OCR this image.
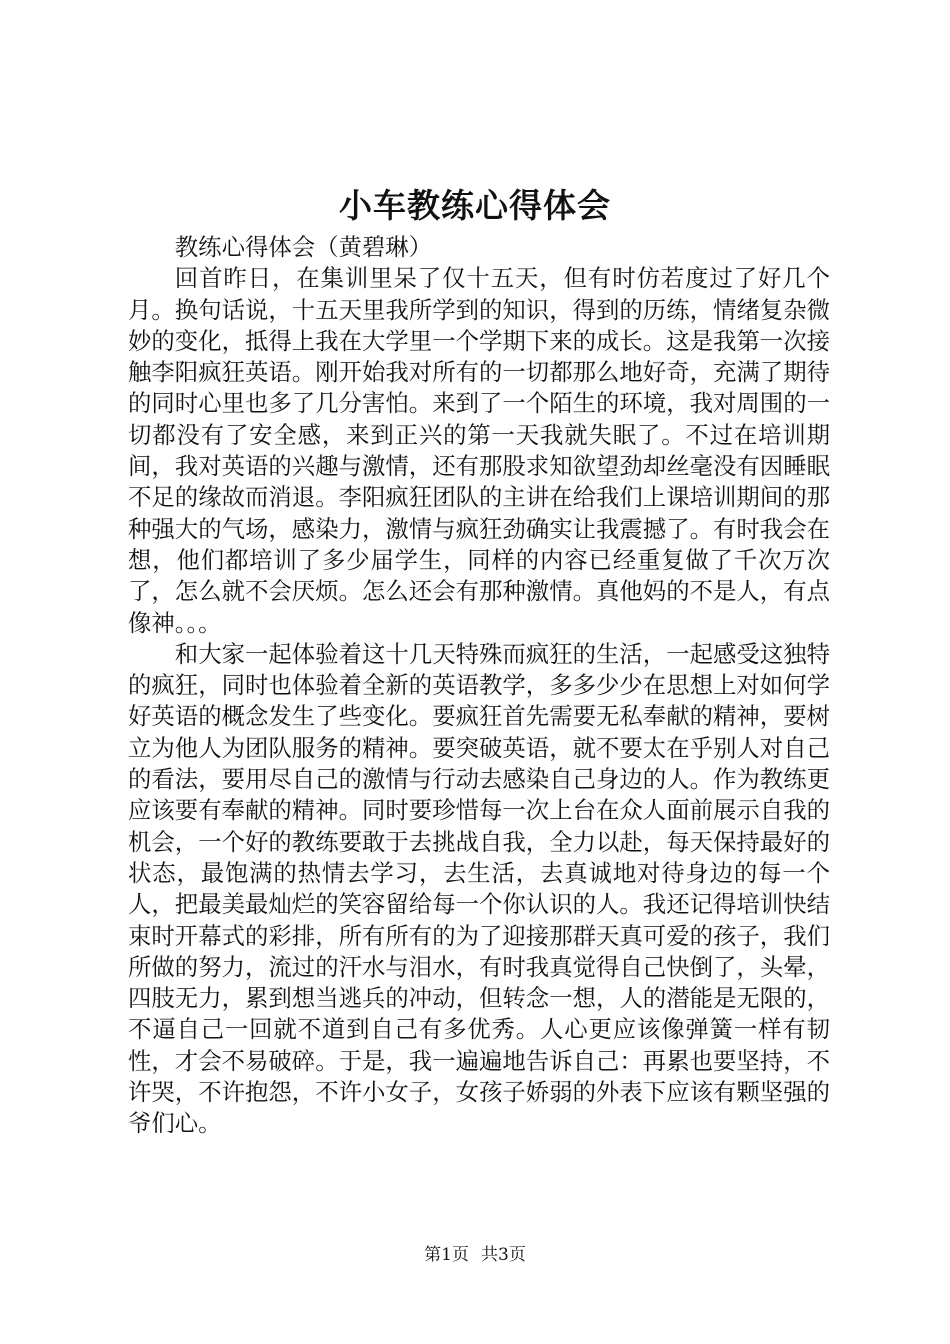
小车教练心得体会

教练心得体会（黄碧琳）

回首昨日，在集训里呆了仅十五天，但有时仿若度过了好几个月。换句话说，十五天里我所学到的知识，得到的历练，情绪复杂微妙的变化，抵得上我在大学里一个学期下来的成长。这是我第一次接触李阳疯狂英语。刚开始我对所有的一切都那么地好奇，充满了期待的同时心里也多了几分害怕。来到了一个陌生的环境，我对周围的一切都没有了安全感，来到正兴的第一天我就失眠了。不过在培训期间，我对英语的兴趣与激情，还有那股求知欲望劲却丝毫没有因睡眠不足的缘故而消退。李阳疯狂团队的主讲在给我们上课培训期间的那种强大的气场，感染力，激情与疯狂劲确实让我震撼了。有时我会在想，他们都培训了多少届学生，同样的内容已经重复做了千次万次了，怎么就不会厌烦。怎么还会有那种激情。真他妈的不是人，有点像神。。。

和大家一起体验着这十几天特殊而疯狂的生活，一起感受这独特的疯狂，同时也体验着全新的英语教学，多多少少在思想上对如何学好英语的概念发生了些变化。要疯狂首先需要无私奉献的精神，要树立为他人为团队服务的精神。要突破英语，就不要太在乎别人对自己的看法，要用尽自己的激情与行动去感染自己身边的人。作为教练更应该要有奉献的精神。同时要珍惜每一次上台在众人面前展示自我的机会，一个好的教练要敢于去挑战自我，全力以赴，每天保持最好的状态，最饱满的热情去学习，去生活，去真诚地对待身边的每一个人，把最美最灿烂的笑容留给每一个你认识的人。我还记得培训快结束时开幕式的彩排，所有所有的为了迎接那群天真可爱的孩子，我们所做的努力，流过的汗水与泪水，有时我真觉得自己快倒了，头晕，四肢无力，累到想当逃兵的冲动，但转念一想，人的潜能是无限的，不逼自己一回就不道到自己有多优秀。人心更应该像弹簧一样有韧性，才会不易破碎。于是，我一遍遍地告诉自己：再累也要坚持，不许哭，不许抱怨，不许小女子，女孩子娇弱的外表下应该有颗坚强的爷们心。

第1页 共3页
